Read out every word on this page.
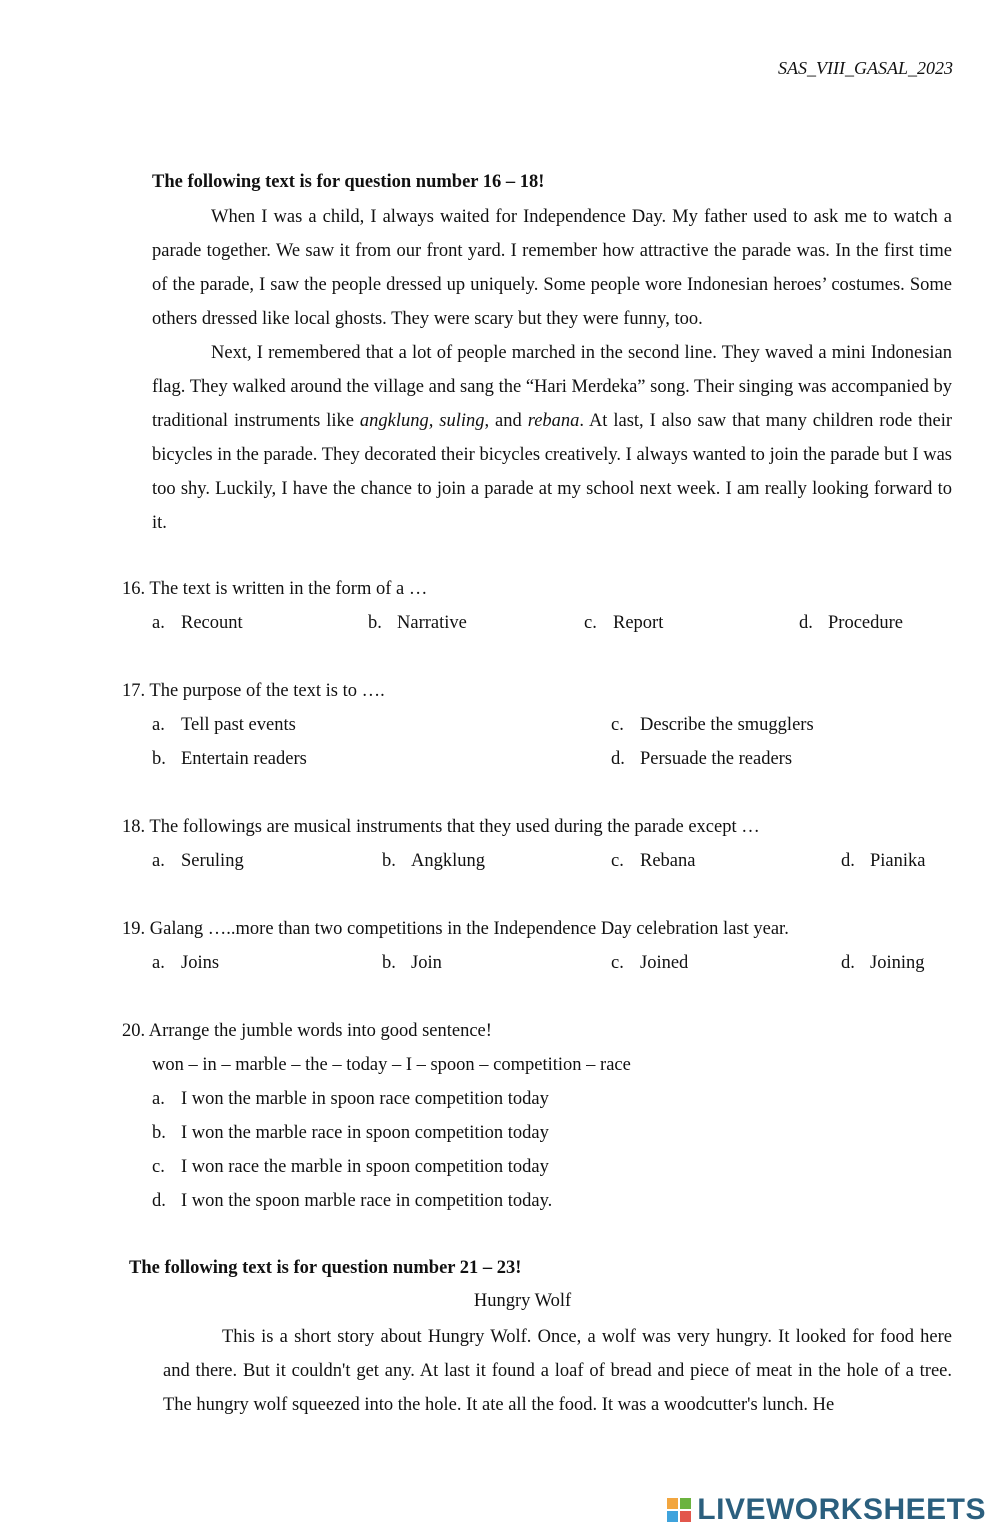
SAS_VIII_GASAL_2023
The following text is for question number 16 – 18!
When I was a child, I always waited for Independence Day. My father used to ask me to watch a parade together. We saw it from our front yard. I remember how attractive the parade was. In the first time of the parade, I saw the people dressed up uniquely. Some people wore Indonesian heroes’ costumes. Some others dressed like local ghosts. They were scary but they were funny, too.
Next, I remembered that a lot of people marched in the second line. They waved a mini Indonesian flag. They walked around the village and sang the “Hari Merdeka” song. Their singing was accompanied by traditional instruments like angklung, suling, and rebana. At last, I also saw that many children rode their bicycles in the parade. They decorated their bicycles creatively. I always wanted to join the parade but I was too shy. Luckily, I have the chance to join a parade at my school next week. I am really looking forward to it.
16. The text is written in the form of a …
a. Recount	b. Narrative	c. Report	d. Procedure
17. The purpose of the text is to ….
a. Tell past events
b. Entertain readers
c. Describe the smugglers
d. Persuade the readers
18. The followings are musical instruments that they used during the parade except …
a. Seruling	b. Angklung	c. Rebana	d. Pianika
19. Galang …..more than two competitions in the Independence Day celebration last year.
a. Joins	b. Join	c. Joined	d. Joining
20. Arrange the jumble words into good sentence!
won – in – marble – the – today – I – spoon – competition – race
a. I won the marble in spoon race competition today
b. I won the marble race in spoon competition today
c. I won race the marble in spoon competition today
d. I won the spoon marble race in competition today.
The following text is for question number 21 – 23!
Hungry Wolf
This is a short story about Hungry Wolf. Once, a wolf was very hungry. It looked for food here and there. But it couldn't get any. At last it found a loaf of bread and piece of meat in the hole of a tree. The hungry wolf squeezed into the hole. It ate all the food. It was a woodcutter's lunch. He
LIVEWORKSHEETS
